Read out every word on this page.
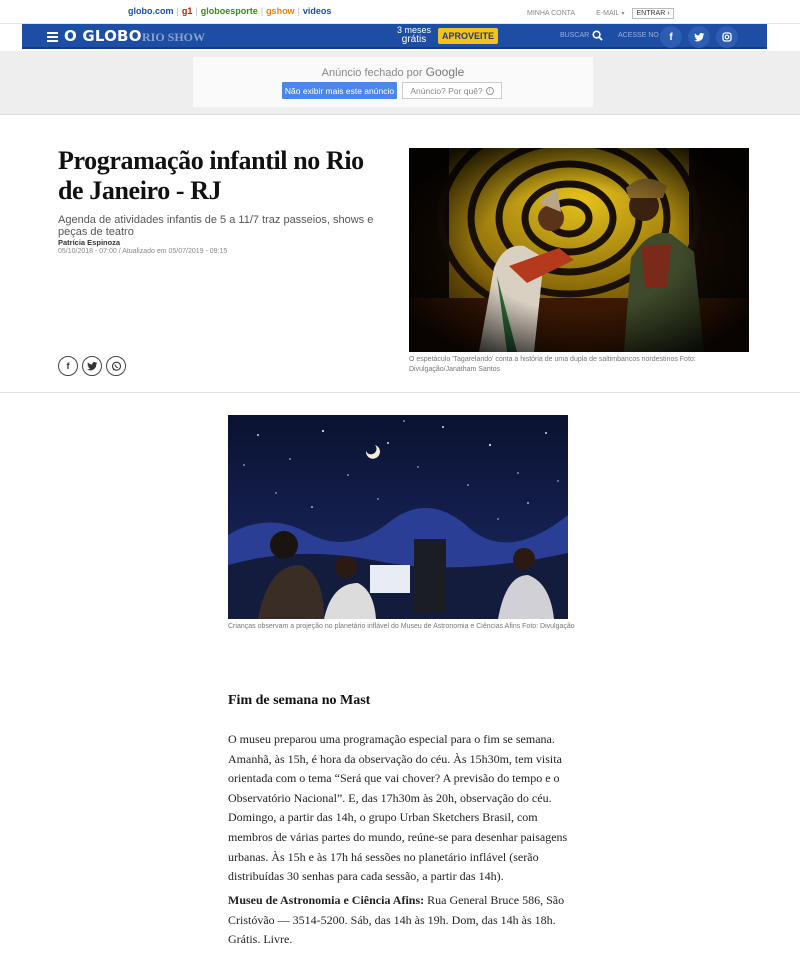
globo.com | g1 | globoesporte | gshow | videos	MINHA CONTA	E-MAIL ▾	ENTRAR ›
O GLOBO RIO SHOW	3 meses
grátis	APROVEITE	BUSCAR	ACESSE NO	f
Anúncio fechado por Google
Não exibir mais este anúncio	Anúncio? Por quê?	i
Programação infantil no Rio de Janeiro - RJ

Agenda de atividades infantis de 5 a 11/7 traz passeios, shows e peças de teatro

Patrícia Espinoza
05/10/2018 - 07:00 / Atualizado em 05/07/2019 - 09:15
f
O espetáculo 'Tagarelando' conta a história de uma dupla de saltimbancos nordestinos Foto: Divulgação/Janatham Santos
Crianças observam a projeção no planetário inflável do Museu de Astronomia e Ciências Afins Foto: Divulgação
Fim de semana no Mast

O museu preparou uma programação especial para o fim se semana. Amanhã, às 15h, é hora da observação do céu. Às 15h30m, tem visita orientada com o tema “Será que vai chover? A previsão do tempo e o Observatório Nacional”. E, das 17h30m às 20h, observação do céu. Domingo, a partir das 14h, o grupo Urban Sketchers Brasil, com membros de várias partes do mundo, reúne-se para desenhar paisagens urbanas. Às 15h e às 17h há sessões no planetário inflável (serão distribuídas 30 senhas para cada sessão, a partir das 14h).

Museu de Astronomia e Ciência Afins: Rua General Bruce 586, São Cristóvão — 3514-5200. Sáb, das 14h às 19h. Dom, das 14h às 18h. Grátis. Livre.
